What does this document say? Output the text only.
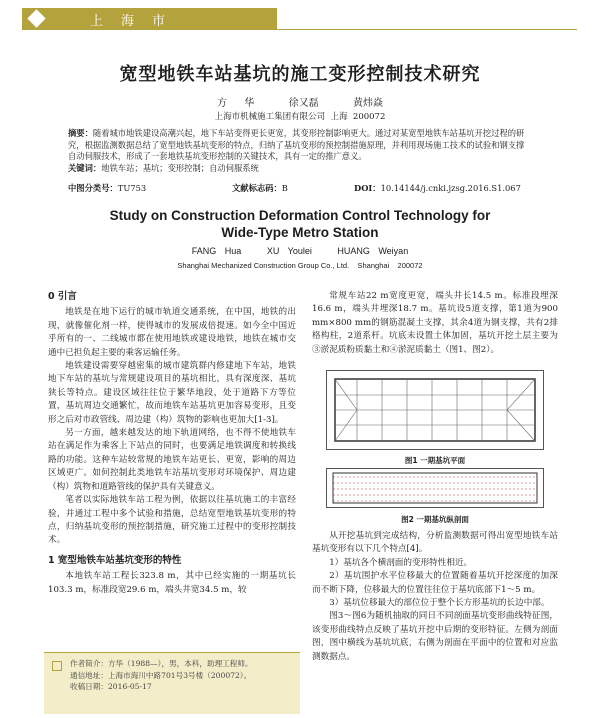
上海市
宽型地铁车站基坑的施工变形控制技术研究
方 华  徐又磊  黄炜焱
上海市机械施工集团有限公司  上海  200072
摘要：随着城市地铁建设高潮兴起，地下车站变得更长更宽，其变形控制影响更大。通过对某宽型地铁车站基坑开挖过程的研究，根据监测数据总结了宽型地铁基坑变形的特点，归纳了基坑变形的预控制措施原理，并利用现场施工技术的试验和钢支撑自动伺服技术，形成了一套地铁基坑变形控制的关键技术，具有一定的推广意义。
关键词：地铁车站；基坑；变形控制；自动伺服系统
中图分类号：TU753	文献标志码：B	DOI：10.14144/j.cnki.jzsg.2016.S1.067
Study on Construction Deformation Control Technology for
Wide-Type Metro Station
FANG Hua   XU Youlei   HUANG Weiyan
Shanghai Mechanized Construction Group Co., Ltd.    Shanghai    200072
0 引言

地铁是在地下运行的城市轨道交通系统，在中国，地铁的出现，就像催化剂一样，使得城市的发展成倍提速。如今全中国近乎所有的一、二线城市都在使用地铁或建设地铁，地铁在城市交通中已担负起主要的乘客运输任务。

地铁建设需要穿越密集的城市建筑群内修建地下车站，地铁地下车站的基坑与常规建设项目的基坑相比，具有深度深、基坑狭长等特点。建设区域往往位于繁华地段，处于道路下方等位置，基坑周边交通繁忙，故而地铁车站基坑更加容易变形，且变形之后对市政管线、周边建（构）筑物的影响也更加大[1-3]。

另一方面，越来越发达的地下轨道网络，也不得不使地铁车站在满足作为乘客上下站点的同时，也要满足地铁调度和转换线路的功能。这种车站较常规的地铁车站更长、更宽，影响的周边区域更广。如何控制此类地铁车站基坑变形对环境保护、周边建（构）筑物和道路管线的保护具有关键意义。

笔者以实际地铁车站工程为例，依据以往基坑施工的丰富经验，并通过工程中多个试验和措施，总结宽型地铁基坑变形的特点，归纳基坑变形的预控制措施，研究施工过程中的变形控制技术。

1 宽型地铁车站基坑变形的特性

本地铁车站工程长323.8 m，其中已经实施的一期基坑长103.3 m，标准段宽29.6 m，端头井宽34.5 m，较

常规车站22 m宽度更宽，端头井长14.5 m。标准段埋深16.6 m，端头井埋深18.7 m。基坑设5道支撑，第1道为900 mm×800 mm的钢筋混凝土支撑，其余4道为钢支撑，共有2排格构柱，2道系杆。坑底未设置土体加固，基坑开挖土层主要为③淤泥质粉质黏土和④淤泥质黏土（图1、图2）。

图1 一期基坑平面
图2 一期基坑纵剖面

从开挖基坑到完成结构，分析监测数据可得出宽型地铁车站基坑变形有以下几个特点[4]。

1）基坑各个横剖面的变形特性相近。

2）基坑围护水平位移最大的位置随着基坑开挖深度的加深而不断下降，位移最大的位置往往位于基坑底部下1～5 m。

3）基坑位移最大的部位位于整个长方形基坑的长边中部。

图3～图6为随机抽取的同日不同剖面基坑变形曲线特征图，该变形曲线特点反映了基坑开挖中后期的变形特征。左侧为剖面图，图中横线为基坑坑底，右侧为剖面在平面中的位置和对应监测数据点。

作者简介：方华（1988—），男，本科，助理工程师。
通信地址：上海市海川中路701号3号楼（200072）。
收稿日期：2016-05-17
